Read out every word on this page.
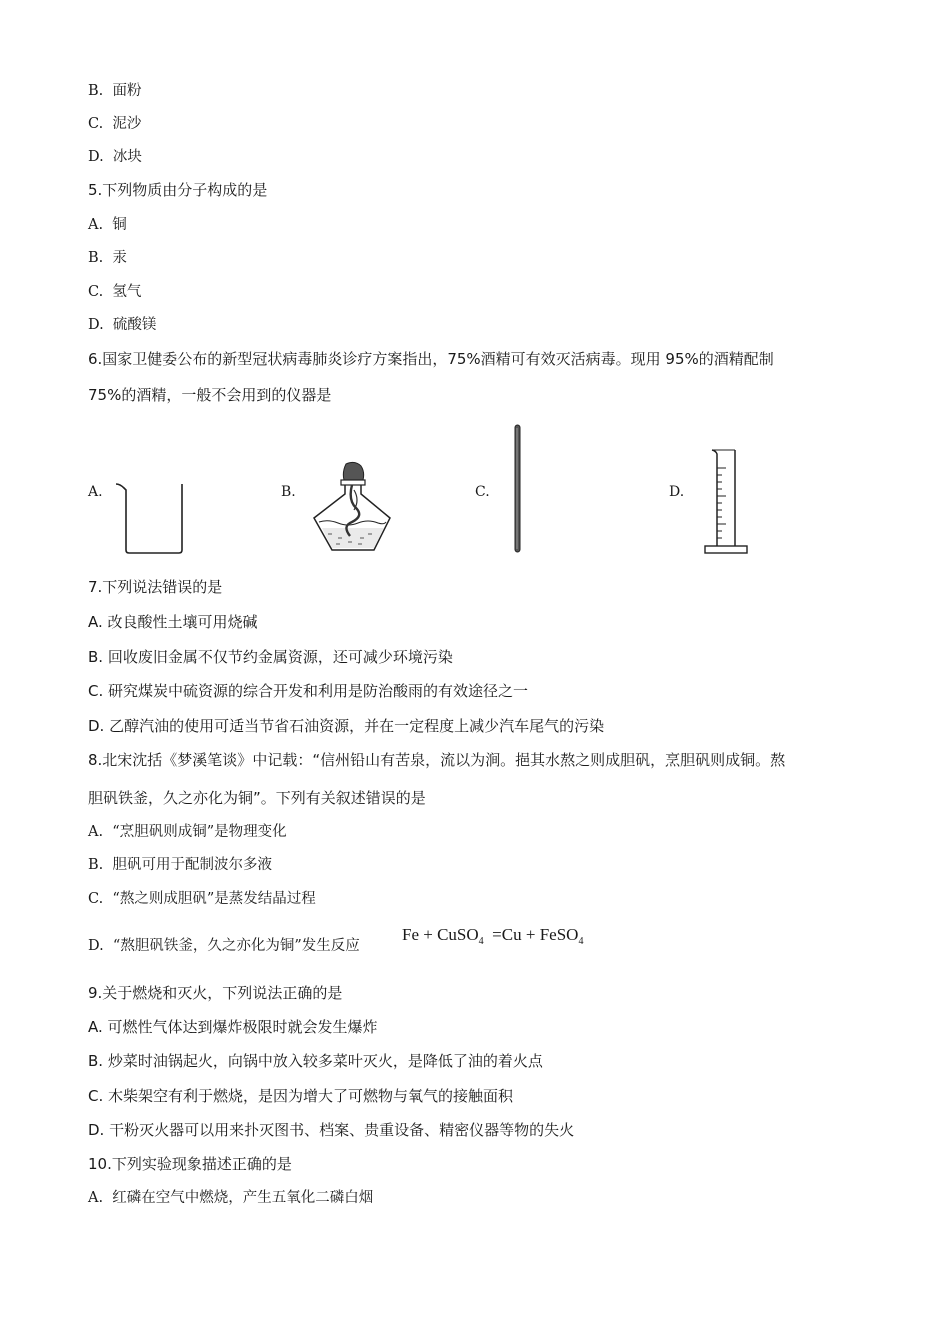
B.  面粉
C.  泥沙
D.  冰块
5.下列物质由分子构成的是
A.  铜
B.  汞
C.  氢气
D.  硫酸镁
6.国家卫健委公布的新型冠状病毒肺炎诊疗方案指出，75%酒精可有效灭活病毒。现用 95%的酒精配制
75%的酒精，一般不会用到的仪器是
A.	B.	C.	D.
7.下列说法错误的是
A. 改良酸性土壤可用烧碱
B. 回收废旧金属不仅节约金属资源，还可减少环境污染
C. 研究煤炭中硫资源的综合开发和利用是防治酸雨的有效途径之一
D. 乙醇汽油的使用可适当节省石油资源，并在一定程度上减少汽车尾气的污染
8.北宋沈括《梦溪笔谈》中记载：“信州铅山有苦泉，流以为涧。挹其水熬之则成胆矾，烹胆矾则成铜。熬
胆矾铁釜，久之亦化为铜”。下列有关叙述错误的是
A.  “烹胆矾则成铜”是物理变化
B.  胆矾可用于配制波尔多液
C.  “熬之则成胆矾”是蒸发结晶过程
D.  “熬胆矾铁釜，久之亦化为铜”发生反应
Fe + CuSO$_4$ =Cu + FeSO$_4$
9.关于燃烧和灭火，下列说法正确的是
A. 可燃性气体达到爆炸极限时就会发生爆炸
B. 炒菜时油锅起火，向锅中放入较多菜叶灭火，是降低了油的着火点
C. 木柴架空有利于燃烧，是因为增大了可燃物与氧气的接触面积
D. 干粉灭火器可以用来扑灭图书、档案、贵重设备、精密仪器等物的失火
10.下列实验现象描述正确的是
A.  红磷在空气中燃烧，产生五氧化二磷白烟
